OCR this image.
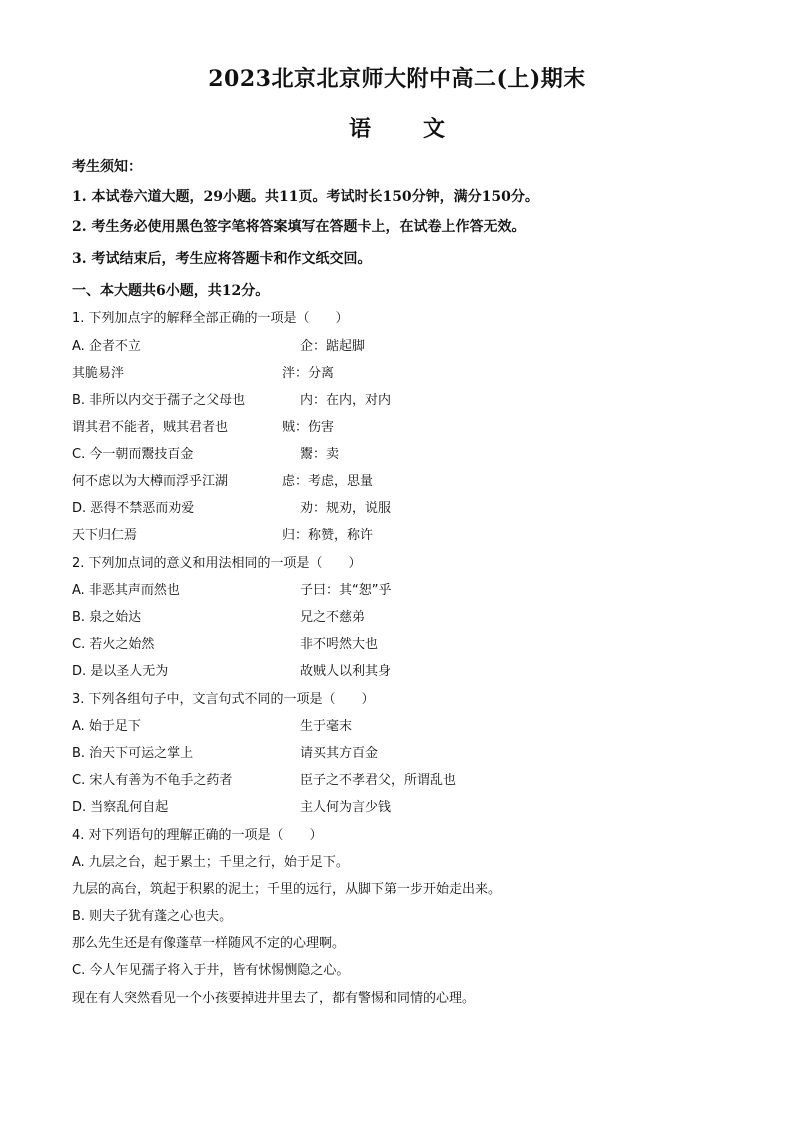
2023北京北京师大附中高二(上)期末
语 文
考生须知：
1. 本试卷六道大题，29小题。共11页。考试时长150分钟，满分150分。
2. 考生务必使用黑色签字笔将答案填写在答题卡上，在试卷上作答无效。
3. 考试结束后，考生应将答题卡和作文纸交回。
一、本大题共6小题，共12分。
1. 下列加点字的解释全部正确的一项是（　　）
A. 企者不立	企：踮起脚
其脆易泮	泮：分离
B. 非所以内交于孺子之父母也	内：在内，对内
谓其君不能者，贼其君者也	贼：伤害
C. 今一朝而鬻技百金	鬻：卖
何不虑以为大樽而浮乎江湖	虑：考虑，思量
D. 恶得不禁恶而劝爱	劝：规劝，说服
天下归仁焉	归：称赞，称许
2. 下列加点词的意义和用法相同的一项是（　　）
A. 非恶其声而然也	子曰：其“恕”乎
B. 泉之始达	兄之不慈弟
C. 若火之始然	非不呺然大也
D. 是以圣人无为	故贼人以利其身
3. 下列各组句子中，文言句式不同的一项是（　　）
A. 始于足下	生于毫末
B. 治天下可运之掌上	请买其方百金
C. 宋人有善为不龟手之药者	臣子之不孝君父，所谓乱也
D. 当察乱何自起	主人何为言少钱
4. 对下列语句的理解正确的一项是（　　）
A. 九层之台，起于累土；千里之行，始于足下。
九层的高台，筑起于积累的泥土；千里的远行，从脚下第一步开始走出来。
B. 则夫子犹有蓬之心也夫。
那么先生还是有像蓬草一样随风不定的心理啊。
C. 今人乍见孺子将入于井，皆有怵惕恻隐之心。
现在有人突然看见一个小孩要掉进井里去了，都有警惕和同情的心理。
